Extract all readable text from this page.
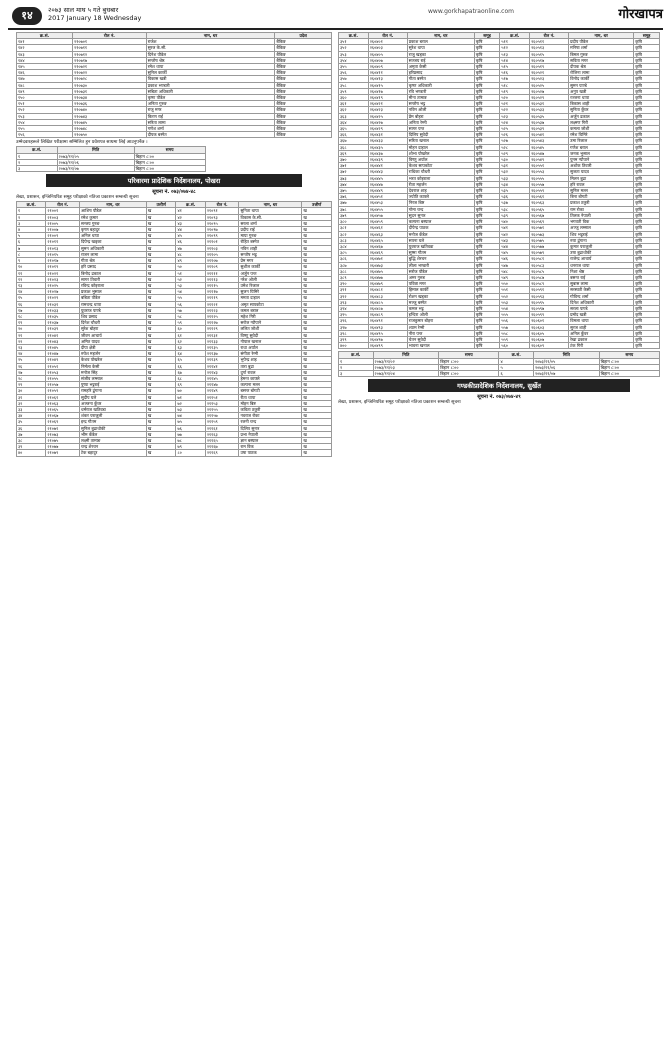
१४	२०७३ साल माघ ५ गते बुधबार
2017 January 18 Wednesday
www.gorkhapatraonline.com	गोरखापत्र
क्र.सं.	रोल नं.	नाम, थर	प्रदेश
१४१	२१०७०१	राजेश	बैंकिङ
१४२	२१०७११	सुरज के.सी.	बैंकिङ
१४३	२१०७१२	दिनेश पौडेल	बैंकिङ
१४४	२१०७१७	सन्तोष श्रेष्ठ	बैंकिङ
१४५	२१०७२१	रमेश थापा	बैंकिङ
१४६	२१०७२२	सुनिल कार्की	बैंकिङ
१४७	२१०७२८	विकास खत्री	बैंकिङ
१४८	२१०७३०	प्रकाश भण्डारी	बैंकिङ
१४९	२१०७३१	सबिता अधिकारी	बैंकिङ
१५०	२१०७३४	कृष्ण पौडेल	बैंकिङ
१५१	२१०७३६	अनिता गुरुङ	बैंकिङ
१५२	२१०७४०	राजु मगर	बैंकिङ
१५३	२१०७४३	किरण राई	बैंकिङ
१५४	२१०७४५	सरिता लामा	बैंकिङ
१५५	२१०७४८	गणेश शर्मा	बैंकिङ
१५६	२१०७५०	दीपक बस्नेत	बैंकिङ
उम्मेदवारहरूले लिखित परीक्षामा सम्मिलित हुन प्रवेशपत्र साथमा लिई आउनुपर्नेछ ।
क्र.सं.	मिति	समय
१	२०७३/११/०५	बिहान ८:००
२	२०७३/११/०६	बिहान ८:००
३	२०७३/११/०७	बिहान ८:००
परिवारमा प्रादेशिक निर्देशनालय, पोखरा
सूचना नं. ०७३/०७४-४८
लेखा, प्रशासन, इन्जिनियरिङ समूह परीक्षाको नतिजा प्रकाशन सम्बन्धी सूचना
क्र.सं.	रोल नं.	नाम, थर	उत्तीर्ण	क्र.सं.	रोल नं.	नाम, थर	उत्तीर्ण
१	२१००१	आशिष पौडेल	ख	४१	२१०९१	सुनिता थापा	ख
२	२१००३	रमेश कुमार	ख	४२	२१०९३	विकास के.सी.	ख
३	२१००५	सन्जय गुरुङ	ख	४३	२१०९५	सरला शर्मा	ख
४	२१००७	कृष्ण बहादुर	ख	४४	२१०९७	प्रदीप राई	ख
५	२१००९	अनिल थापा	ख	४५	२१०९९	माया गुरुङ	ख
६	२१०११	दिपेन्द्र खड्का	ख	४६	२११०१	रोहित बस्नेत	ख
७	२१०१३	सुमन अधिकारी	ख	४७	२११०३	नविन शाही	ख
८	२१०१५	राजन लामा	ख	४८	२११०५	सन्तोष भट्ट	ख
९	२१०१७	गीता श्रेष्ठ	ख	४९	२११०७	प्रेम मगर	ख
१०	२१०१९	हरि प्रसाद	ख	५०	२११०९	सुशील कार्की	ख
११	२१०२१	बिनोद ढकाल	ख	५१	२११११	अर्जुन पन्त	ख
१२	२१०२३	सागर तिवारी	ख	५२	२१११३	नरेश ओली	ख
१३	२१०२५	रविन्द्र कोइराला	ख	५३	२१११५	उमेश रिजाल	ख
१४	२१०२७	प्रकाश भुसाल	ख	५४	२१११७	सुजन घिमिरे	ख
१५	२१०२९	बबिता पौडेल	ख	५५	२१११९	ममता दाहाल	ख
१६	२१०३१	रामचन्द्र थापा	ख	५६	२११२१	अमृत सापकोटा	ख
१७	२१०३३	युवराज पाण्डे	ख	५७	२११२३	कमल बराल	ख
१८	२१०३५	शिव प्रसाद	ख	५८	२११२५	महेश गिरी	ख
१९	२१०३७	दिनेश चौधरी	ख	५९	२११२७	सरोज न्यौपाने	ख
२०	२१०३९	सुरेश बोहरा	ख	६०	२११२९	ललित जोशी	ख
२१	२१०४१	जीवन आचार्य	ख	६१	२११३१	विष्णु सुवेदी	ख
२२	२१०४३	अमित यादव	ख	६२	२११३३	गोपाल खनाल	ख
२३	२१०४५	दीपा क्षेत्री	ख	६३	२११३५	राधा अर्याल	ख
२४	२१०४७	रुपेश महर्जन	ख	६४	२११३७	संगीता रेग्मी	ख
२५	२१०४९	केशव पोखरेल	ख	६५	२११३९	भुपेन्द्र शाह	ख
२६	२१०५१	निर्मला केसी	ख	६६	२११४१	तारा बुढा	ख
२७	२१०५३	मनोज सिंह	ख	६७	२११४३	दुर्गा रावल	ख
२८	२१०५५	संजीव लम्साल	ख	६८	२११४५	हेमन्त काफ्ले	ख
२९	२१०५७	पुष्पा भट्टराई	ख	६९	२११४७	कल्पना मल्ल	ख
३०	२१०५९	रामहरि ढुंगाना	ख	७०	२११४९	बसन्त बोगटी	ख
३१	२१०६१	सुदीप घले	ख	७१	२११५१	रीता थापा	ख
३२	२१०६३	अञ्जना कुँवर	ख	७२	२११५३	मोहन बिष्ट	ख
३३	२१०६५	धर्मराज खतिवडा	ख	७३	२११५५	कविता ठकुरी	ख
३४	२१०६७	शंकर पराजुली	ख	७४	२११५७	नवराज रोका	ख
३५	२१०६९	इन्द्र गौतम	ख	७५	२११५९	रजनी चन्द	ख
३६	२१०७१	सुनिल बुढाथोकी	ख	७६	२११६१	दिलिप सुनार	ख
३७	२१०७३	भीम कँडेल	ख	७७	२११६३	प्रभा नेपाली	ख
३८	२१०७५	लक्ष्मी तामाङ	ख	७८	२११६५	ज्ञान बस्याल	ख
३९	२१०७७	चन्द्र शेरचन	ख	७९	२११६७	राम विक	ख
४०	२१०७९	टेक बहादुर	ख	८०	२११६९	उषा पाठक	ख
क्र.सं.	रोल नं.	नाम, थर	समूह	क्र.सं.	रोल नं.	नाम, थर	समूह
३५१	२६०४०१	प्रकाश बराल	कृषि	५११	२६०५११	प्रदीप पौडेल	कृषि
३५२	२६०४०३	सुरेश थापा	कृषि	५१२	२६०५१३	मनिषा शर्मा	कृषि
३५३	२६०४०५	राजु खड्का	कृषि	५१३	२६०५१५	बिमल गुरुङ	कृषि
३५४	२६०४०७	सञ्जय राई	कृषि	५१४	२६०५१७	सविता मगर	कृषि
३५५	२६०४०९	अमृता केसी	कृषि	५१५	२६०५१९	दीपक श्रेष्ठ	कृषि
३५६	२६०४११	हरिप्रसाद	कृषि	५१६	२६०५२१	रोजिना लामा	कृषि
३५७	२६०४१३	गीता बस्नेत	कृषि	५१७	२६०५२३	विनोद कार्की	कृषि
३५८	२६०४१५	कृष्ण अधिकारी	कृषि	५१८	२६०५२५	सुमन पाण्डे	कृषि
३५९	२६०४१७	रवि भण्डारी	कृषि	५१९	२६०५२७	अनुप खत्री	कृषि
३६०	२६०४१९	मीना तामाङ	कृषि	५२०	२६०५२९	रञ्जना थापा	कृषि
३६१	२६०४२१	सन्तोष भट्ट	कृषि	५२१	२६०५३१	बिकास शाही	कृषि
३६२	२६०४२३	नविन ओली	कृषि	५२२	२६०५३३	सुनिता कुँवर	कृषि
३६३	२६०४२५	प्रेम बोहरा	कृषि	५२३	२६०५३५	अर्जुन ढकाल	कृषि
३६४	२६०४२७	अनिता रेग्मी	कृषि	५२४	२६०५३७	लक्ष्मण गिरी	कृषि
३६५	२६०४२९	सागर पन्त	कृषि	५२५	२६०५३९	कमला जोशी	कृषि
३६६	२६०४३१	दिलिप सुवेदी	कृषि	५२६	२६०५४१	रमेश घिमिरे	कृषि
३६७	२६०४३३	सरिता खनाल	कृषि	५२७	२६०५४३	उमा रिजाल	कृषि
३६८	२६०४३५	मोहन दाहाल	कृषि	५२८	२६०५४५	गणेश बराल	कृषि
३६९	२६०४३७	शोभा पोखरेल	कृषि	५२९	२६०५४७	जनक भुसाल	कृषि
३७०	२६०४३९	विष्णु अर्याल	कृषि	५३०	२६०५४९	पुनम न्यौपाने	कृषि
३७१	२६०४४१	केशव सापकोटा	कृषि	५३१	२६०५५१	अशोक तिवारी	कृषि
३७२	२६०४४३	राधिका चौधरी	कृषि	५३२	२६०५५३	सुजता यादव	कृषि
३७३	२६०४४५	भरत कोइराला	कृषि	५३३	२६०५५५	मिलन बुढा	कृषि
३७४	२६०४४७	रीता महर्जन	कृषि	५३४	२६०५५७	हरि रावल	कृषि
३७५	२६०४४९	देवराज शाह	कृषि	५३५	२६०५५९	सुनिल मल्ल	कृषि
३७६	२६०४५१	ज्योति काफ्ले	कृषि	५३६	२६०५६१	बिना बोगटी	कृषि
३७७	२६०४५३	निरज बिष्ट	कृषि	५३७	२६०५६३	प्रकाश ठकुरी	कृषि
३७८	२६०४५५	गोमा चन्द	कृषि	५३८	२६०५६५	राम रोका	कृषि
३७९	२६०४५७	सुदन सुनार	कृषि	५३९	२६०५६७	तिलक नेपाली	कृषि
३८०	२६०४५९	कल्पना बस्याल	कृषि	५४०	२६०५६९	भगवती विक	कृषि
३८१	२६०४६१	दीपेन्द्र पाठक	कृषि	५४१	२६०५७१	अञ्जु लम्साल	कृषि
३८२	२६०४६३	मनोज कँडेल	कृषि	५४२	२६०५७३	शिव भट्टराई	कृषि
३८३	२६०४६५	सपना घले	कृषि	५४३	२६०५७५	रुपा ढुंगाना	कृषि
३८४	२६०४६७	युवराज खतिवडा	कृषि	५४४	२६०५७७	कुमार पराजुली	कृषि
३८५	२६०४६९	सुष्मा गौतम	कृषि	५४५	२६०५७९	उषा बुढाथोकी	कृषि
३८६	२६०४७१	बुद्धि शेरचन	कृषि	५४६	२६०५८१	राजेन्द्र आचार्य	कृषि
३८७	२६०४७३	लीला भण्डारी	कृषि	५४७	२६०५८३	धनराज थापा	कृषि
३८८	२६०४७५	सरोज पौडेल	कृषि	५४८	२६०५८५	निशा श्रेष्ठ	कृषि
३८९	२६०४७७	अमर गुरुङ	कृषि	५४९	२६०५८७	बसन्त राई	कृषि
३९०	२६०४७९	पवित्रा मगर	कृषि	५५०	२६०५८९	सुबास लामा	कृषि
३९१	२६०४८१	हिमाल कार्की	कृषि	५५१	२६०५९१	सरस्वती केसी	कृषि
३९२	२६०४८३	रोशन खड्का	कृषि	५५२	२६०५९३	गोविन्द शर्मा	कृषि
३९३	२६०४८५	मञ्जु बस्नेत	कृषि	५५३	२६०५९५	दिनेश अधिकारी	कृषि
३९४	२६०४८७	कमल भट्ट	कृषि	५५४	२६०५९७	सरला पाण्डे	कृषि
३९५	२६०४८९	इन्दिरा ओली	कृषि	५५५	२६०५९९	प्रमोद खत्री	कृषि
३९६	२६०४९१	राजकुमार बोहरा	कृषि	५५६	२६०६०१	विमला थापा	कृषि
३९७	२६०४९३	श्याम रेग्मी	कृषि	५५७	२६०६०३	सुरज शाही	कृषि
३९८	२६०४९५	नीरा पन्त	कृषि	५५८	२६०६०५	अनिल कुँवर	कृषि
३९९	२६०४९७	चेतन सुवेदी	कृषि	५५९	२६०६०७	रेखा ढकाल	कृषि
४००	२६०४९९	भावना खनाल	कृषि	५६०	२६०६०९	टंक गिरी	कृषि
क्र.सं.	मिति	समय	क्र.सं.	मिति	समय
१	२०७३/११/०२	बिहान ८:००	४	२०७३/११/०५	बिहान ८:००
२	२०७३/११/०३	बिहान ८:००	५	२०७३/११/०६	बिहान ८:००
३	२०७३/११/०४	बिहान ८:००	६	२०७३/११/०७	बिहान ८:००
गण्डकीप्रादेशिक निर्देशनालय, सुर्खेत
सूचना नं. ०७३/०७४-४९
लेखा, प्रशासन, इन्जिनियरिङ समूह परीक्षाको नतिजा प्रकाशन सम्बन्धी सूचना
